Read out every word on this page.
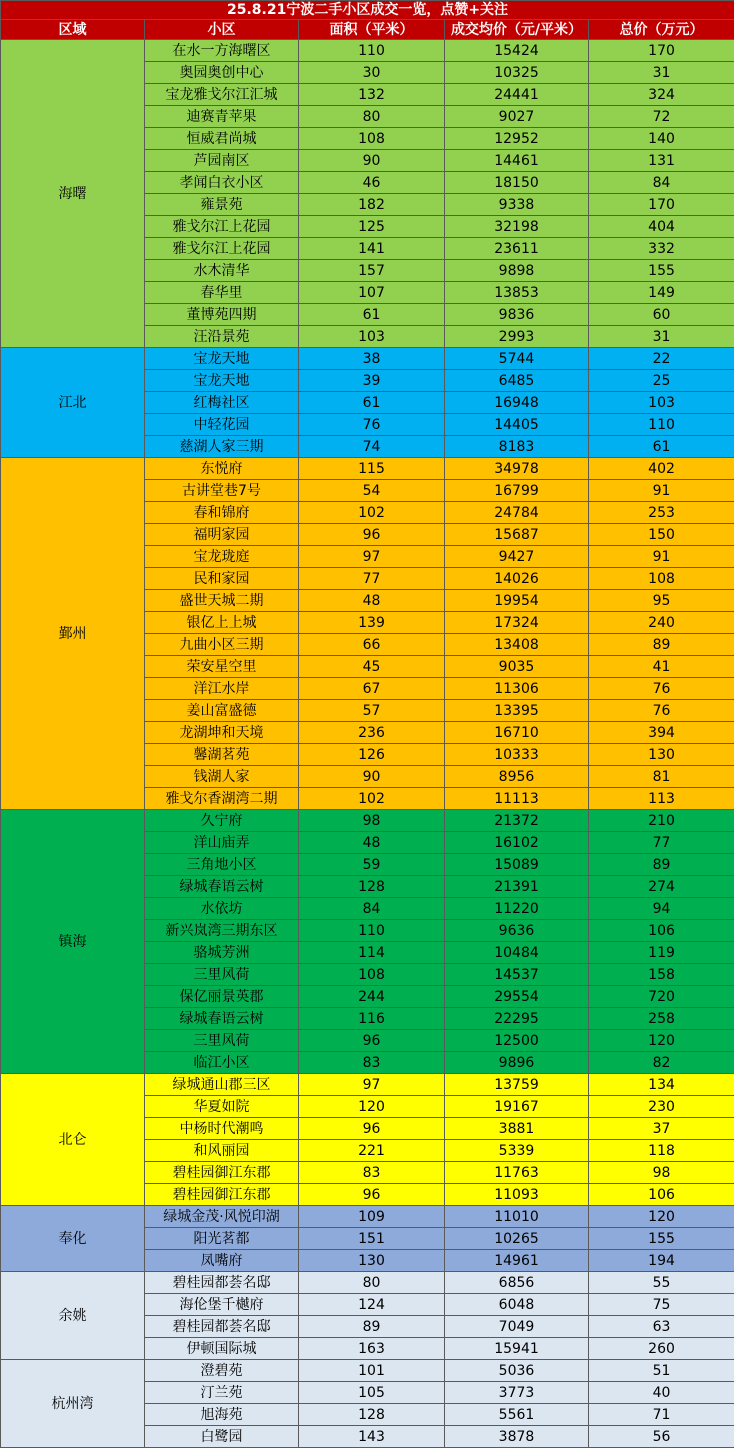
25.8.21宁波二手小区成交一览，点赞+关注				
区域	小区	面积（平米）	成交均价（元/平米）	总价（万元）
海曙	在水一方海曙区	110	15424	170
	奥园奥创中心	30	10325	31
	宝龙雅戈尔江汇城	132	24441	324
	迪赛青苹果	80	9027	72
	恒威君尚城	108	12952	140
	芦园南区	90	14461	131
	孝闻白衣小区	46	18150	84
	雍景苑	182	9338	170
	雅戈尔江上花园	125	32198	404
	雅戈尔江上花园	141	23611	332
	水木清华	157	9898	155
	春华里	107	13853	149
	董博苑四期	61	9836	60
	汪沿景苑	103	2993	31
江北	宝龙天地	38	5744	22
	宝龙天地	39	6485	25
	红梅社区	61	16948	103
	中轻花园	76	14405	110
	慈湖人家三期	74	8183	61
鄞州	东悦府	115	34978	402
	古讲堂巷7号	54	16799	91
	春和锦府	102	24784	253
	福明家园	96	15687	150
	宝龙珑庭	97	9427	91
	民和家园	77	14026	108
	盛世天城二期	48	19954	95
	银亿上上城	139	17324	240
	九曲小区三期	66	13408	89
	荣安星空里	45	9035	41
	洋江水岸	67	11306	76
	姜山富盛德	57	13395	76
	龙湖坤和天境	236	16710	394
	馨湖茗苑	126	10333	130
	钱湖人家	90	8956	81
	雅戈尔香湖湾二期	102	11113	113
镇海	久宁府	98	21372	210
	洋山庙弄	48	16102	77
	三角地小区	59	15089	89
	绿城春语云树	128	21391	274
	水依坊	84	11220	94
	新兴岚湾三期东区	110	9636	106
	骆城芳洲	114	10484	119
	三里风荷	108	14537	158
	保亿丽景英郡	244	29554	720
	绿城春语云树	116	22295	258
	三里风荷	96	12500	120
	临江小区	83	9896	82
北仑	绿城通山郡三区	97	13759	134
	华夏如院	120	19167	230
	中杨时代潮鸣	96	3881	37
	和风丽园	221	5339	118
	碧桂园御江东郡	83	11763	98
	碧桂园御江东郡	96	11093	106
奉化	绿城金茂·风悦印湖	109	11010	120
	阳光茗都	151	10265	155
	凤嘴府	130	14961	194
余姚	碧桂园都荟名邸	80	6856	55
	海伦堡千樾府	124	6048	75
	碧桂园都荟名邸	89	7049	63
	伊顿国际城	163	15941	260
杭州湾	澄碧苑	101	5036	51
	汀兰苑	105	3773	40
	旭海苑	128	5561	71
	白鹭园	143	3878	56
